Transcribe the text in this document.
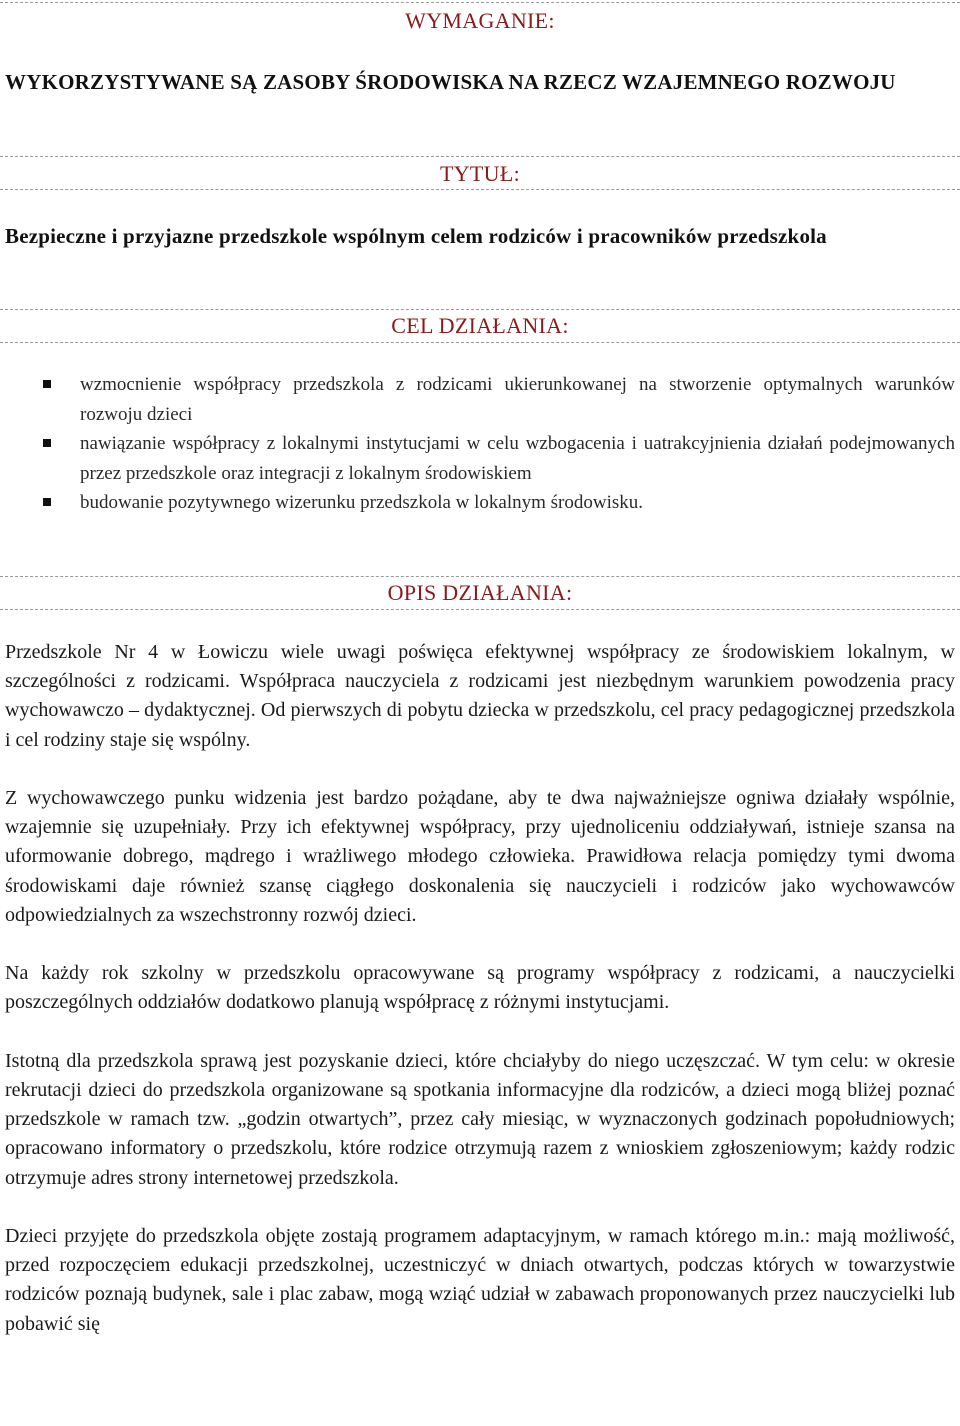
WYMAGANIE:
WYKORZYSTYWANE SĄ ZASOBY ŚRODOWISKA NA RZECZ WZAJEMNEGO ROZWOJU
TYTUŁ:
Bezpieczne i przyjazne przedszkole wspólnym celem rodziców i pracowników przedszkola
CEL DZIAŁANIA:
wzmocnienie współpracy przedszkola z rodzicami ukierunkowanej na stworzenie optymalnych warunków rozwoju dzieci
nawiązanie współpracy z lokalnymi instytucjami w celu wzbogacenia i uatrakcyjnienia działań podejmowanych przez przedszkole oraz integracji z lokalnym środowiskiem
budowanie pozytywnego wizerunku przedszkola w lokalnym środowisku.
OPIS DZIAŁANIA:

Przedszkole Nr 4 w Łowiczu wiele uwagi poświęca efektywnej współpracy ze środowiskiem lokalnym, w szczególności z rodzicami. Współpraca nauczyciela z rodzicami jest niezbędnym warunkiem powodzenia pracy wychowawczo – dydaktycznej. Od pierwszych di pobytu dziecka w przedszkolu, cel pracy pedagogicznej przedszkola i cel rodziny staje się wspólny.

Z wychowawczego punku widzenia jest bardzo pożądane, aby te dwa najważniejsze ogniwa działały wspólnie, wzajemnie się uzupełniały. Przy ich efektywnej współpracy, przy ujednoliceniu oddziaływań, istnieje szansa na uformowanie dobrego, mądrego i wrażliwego młodego człowieka. Prawidłowa relacja pomiędzy tymi dwoma środowiskami daje również szansę ciągłego doskonalenia się nauczycieli i rodziców jako wychowawców odpowiedzialnych za wszechstronny rozwój dzieci.

Na każdy rok szkolny w przedszkolu opracowywane są programy współpracy z rodzicami, a nauczycielki poszczególnych oddziałów dodatkowo planują współpracę z różnymi instytucjami.

Istotną dla przedszkola sprawą jest pozyskanie dzieci, które chciałyby do niego uczęszczać. W tym celu: w okresie rekrutacji dzieci do przedszkola organizowane są spotkania informacyjne dla rodziców, a dzieci mogą bliżej poznać przedszkole w ramach tzw. „godzin otwartych”, przez cały miesiąc, w wyznaczonych godzinach popołudniowych; opracowano informatory o przedszkolu, które rodzice otrzymują razem z wnioskiem zgłoszeniowym; każdy rodzic otrzymuje adres strony internetowej przedszkola.

Dzieci przyjęte do przedszkola objęte zostają programem adaptacyjnym, w ramach którego m.in.: mają możliwość, przed rozpoczęciem edukacji przedszkolnej, uczestniczyć w dniach otwartych, podczas których w towarzystwie rodziców poznają budynek, sale i plac zabaw, mogą wziąć udział w zabawach proponowanych przez nauczycielki lub pobawić się
